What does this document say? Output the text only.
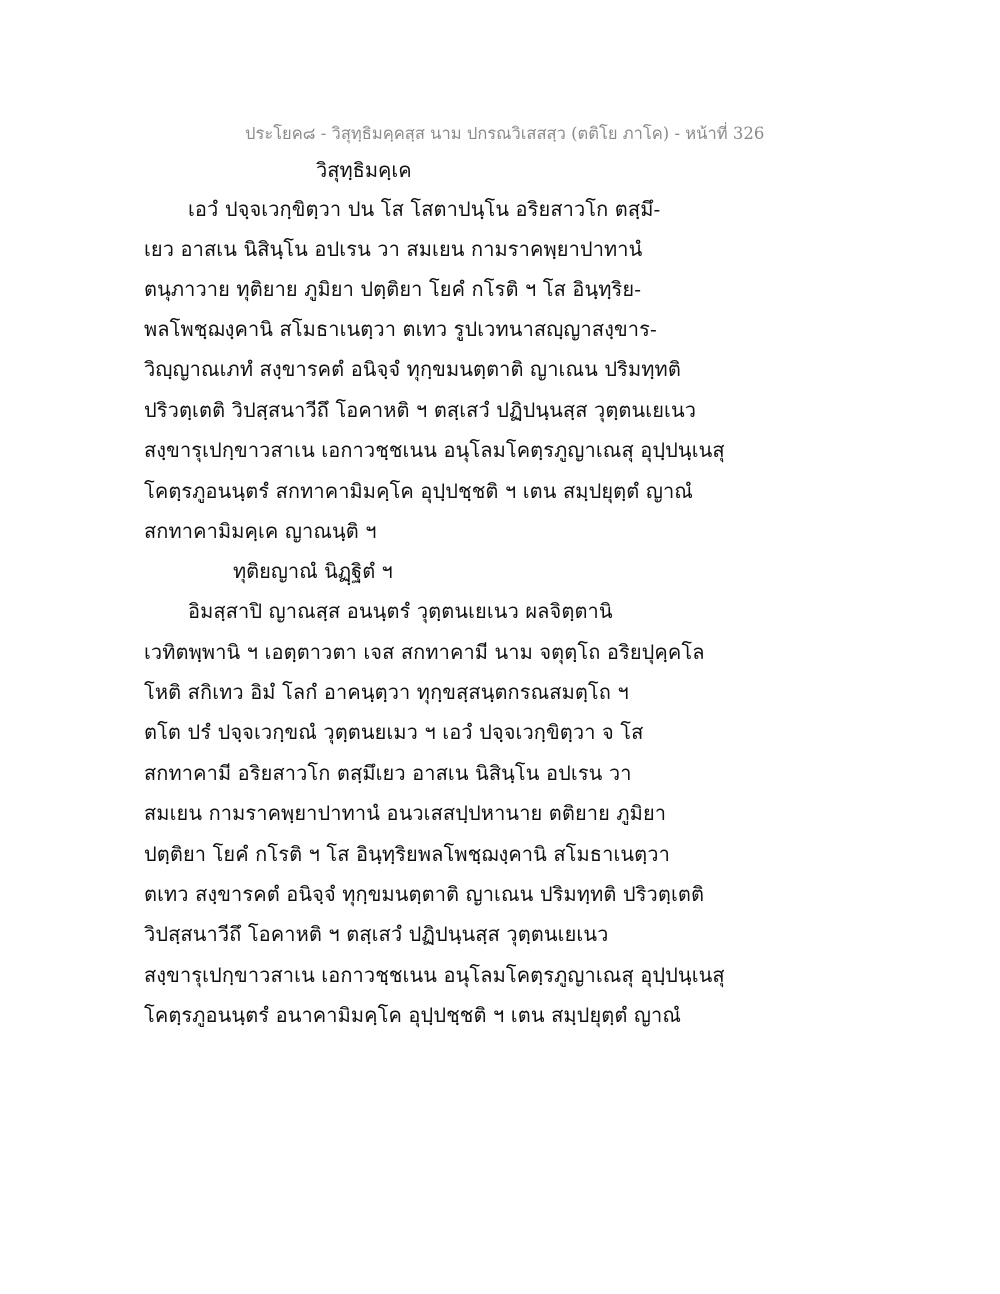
ประโยค๘ - วิสุทฺธิมคฺคสฺส นาม ปกรณวิเสสสฺว (ตติโย ภาโค) - หน้าที่ 326
วิสุทฺธิมคฺเค
เอวํ ปจฺจเวกฺขิตฺวา ปน โส โสตาปนฺโน อริยสาวโก ตสฺมึ-
เยว อาสเน นิสินฺโน อปเรน วา สมเยน กามราคพฺยาปาทานํ
ตนุภาวาย ทุติยาย ภูมิยา ปตฺติยา โยคํ กโรติ ฯ โส อินฺทฺริย-
พลโพชฺฌงฺคานิ สโมธาเนตฺวา ตเทว รูปเวทนาสญฺญาสงฺขาร-
วิญฺญาณเภทํ สงฺขารคตํ อนิจฺจํ ทุกฺขมนตฺตาติ ญาเณน ปริมทฺทติ
ปริวตฺเตติ วิปสฺสนาวีถึ โอคาหติ ฯ ตสฺเสวํ ปฏิปนฺนสฺส วุตฺตนเยเนว
สงฺขารุเปกฺขาวสาเน เอกาวชฺชเนน อนุโลมโคตฺรภูญาเณสุ อุปฺปนฺเนสุ
โคตฺรภูอนนฺตรํ สกทาคามิมคฺโค อุปฺปชฺชติ ฯ เตน สมฺปยุตฺตํ ญาณํ
สกทาคามิมคฺเค ญาณนฺติ ฯ
ทุติยญาณํ นิฏฺฐิตํ ฯ
อิมสฺสาปิ ญาณสฺส อนนฺตรํ วุตฺตนเยเนว ผลจิตฺตานิ
เวทิตพฺพานิ ฯ เอตฺตาวตา เจส สกทาคามี นาม จตุตฺโถ อริยปุคฺคโล
โหติ สกิเทว อิมํ โลกํ อาคนฺตฺวา ทุกฺขสฺสนฺตกรณสมตฺโถ ฯ
ตโต ปรํ ปจฺจเวกฺขณํ วุตฺตนยเมว ฯ เอวํ ปจฺจเวกฺขิตฺวา จ โส
สกทาคามี อริยสาวโก ตสฺมึเยว อาสเน นิสินฺโน อปเรน วา
สมเยน กามราคพฺยาปาทานํ อนวเสสปฺปหานาย ตติยาย ภูมิยา
ปตฺติยา โยคํ กโรติ ฯ โส อินฺทฺริยพลโพชฺฌงฺคานิ สโมธาเนตฺวา
ตเทว สงฺขารคตํ อนิจฺจํ ทุกฺขมนตฺตาติ ญาเณน ปริมทฺทติ ปริวตฺเตติ
วิปสฺสนาวีถึ โอคาหติ ฯ ตสฺเสวํ ปฏิปนฺนสฺส วุตฺตนเยเนว
สงฺขารุเปกฺขาวสาเน เอกาวชฺชเนน อนุโลมโคตฺรภูญาเณสุ อุปฺปนฺเนสุ
โคตฺรภูอนนฺตรํ อนาคามิมคฺโค อุปฺปชฺชติ ฯ เตน สมฺปยุตฺตํ ญาณํ
